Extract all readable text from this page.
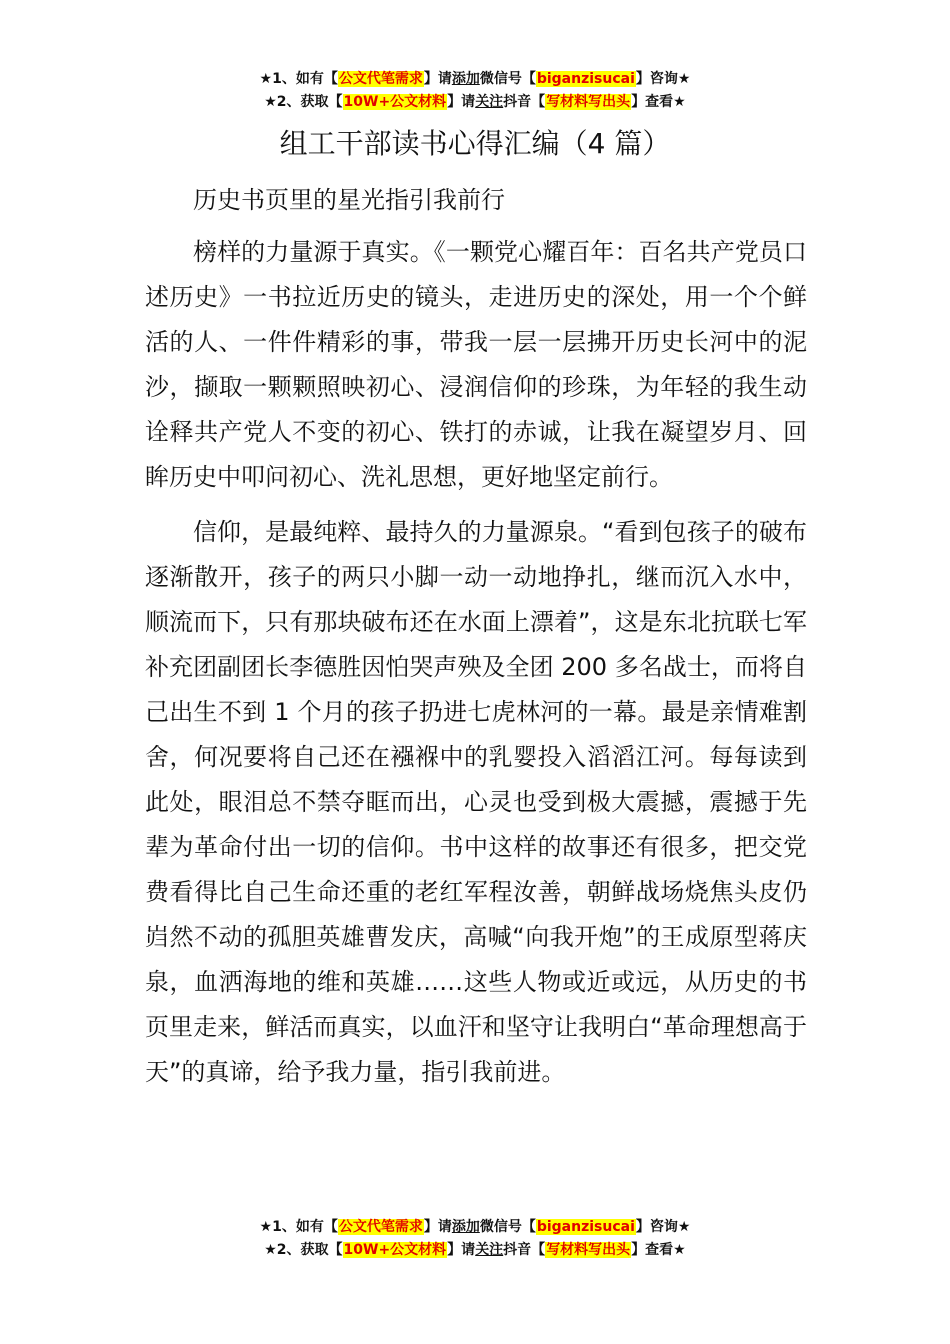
★1、如有【公文代笔需求】请添加微信号【biganzisucai】咨询★
★2、获取【10W+公文材料】请关注抖音【写材料写出头】查看★
组工干部读书心得汇编（4 篇）

历史书页里的星光指引我前行

榜样的力量源于真实。《一颗党心耀百年：百名共产党员口述历史》一书拉近历史的镜头，走进历史的深处，用一个个鲜活的人、一件件精彩的事，带我一层一层拂开历史长河中的泥沙，撷取一颗颗照映初心、浸润信仰的珍珠，为年轻的我生动诠释共产党人不变的初心、铁打的赤诚，让我在凝望岁月、回眸历史中叩问初心、洗礼思想，更好地坚定前行。

信仰，是最纯粹、最持久的力量源泉。“看到包孩子的破布逐渐散开，孩子的两只小脚一动一动地挣扎，继而沉入水中，顺流而下，只有那块破布还在水面上漂着”，这是东北抗联七军补充团副团长李德胜因怕哭声殃及全团 200 多名战士，而将自己出生不到 1 个月的孩子扔进七虎林河的一幕。最是亲情难割舍，何况要将自己还在襁褓中的乳婴投入滔滔江河。每每读到此处，眼泪总不禁夺眶而出，心灵也受到极大震撼，震撼于先辈为革命付出一切的信仰。书中这样的故事还有很多，把交党费看得比自己生命还重的老红军程汝善，朝鲜战场烧焦头皮仍岿然不动的孤胆英雄曹发庆，高喊“向我开炮”的王成原型蒋庆泉，血洒海地的维和英雄……这些人物或近或远，从历史的书页里走来，鲜活而真实，以血汗和坚守让我明白“革命理想高于天”的真谛，给予我力量，指引我前进。

★1、如有【公文代笔需求】请添加微信号【biganzisucai】咨询★
★2、获取【10W+公文材料】请关注抖音【写材料写出头】查看★
